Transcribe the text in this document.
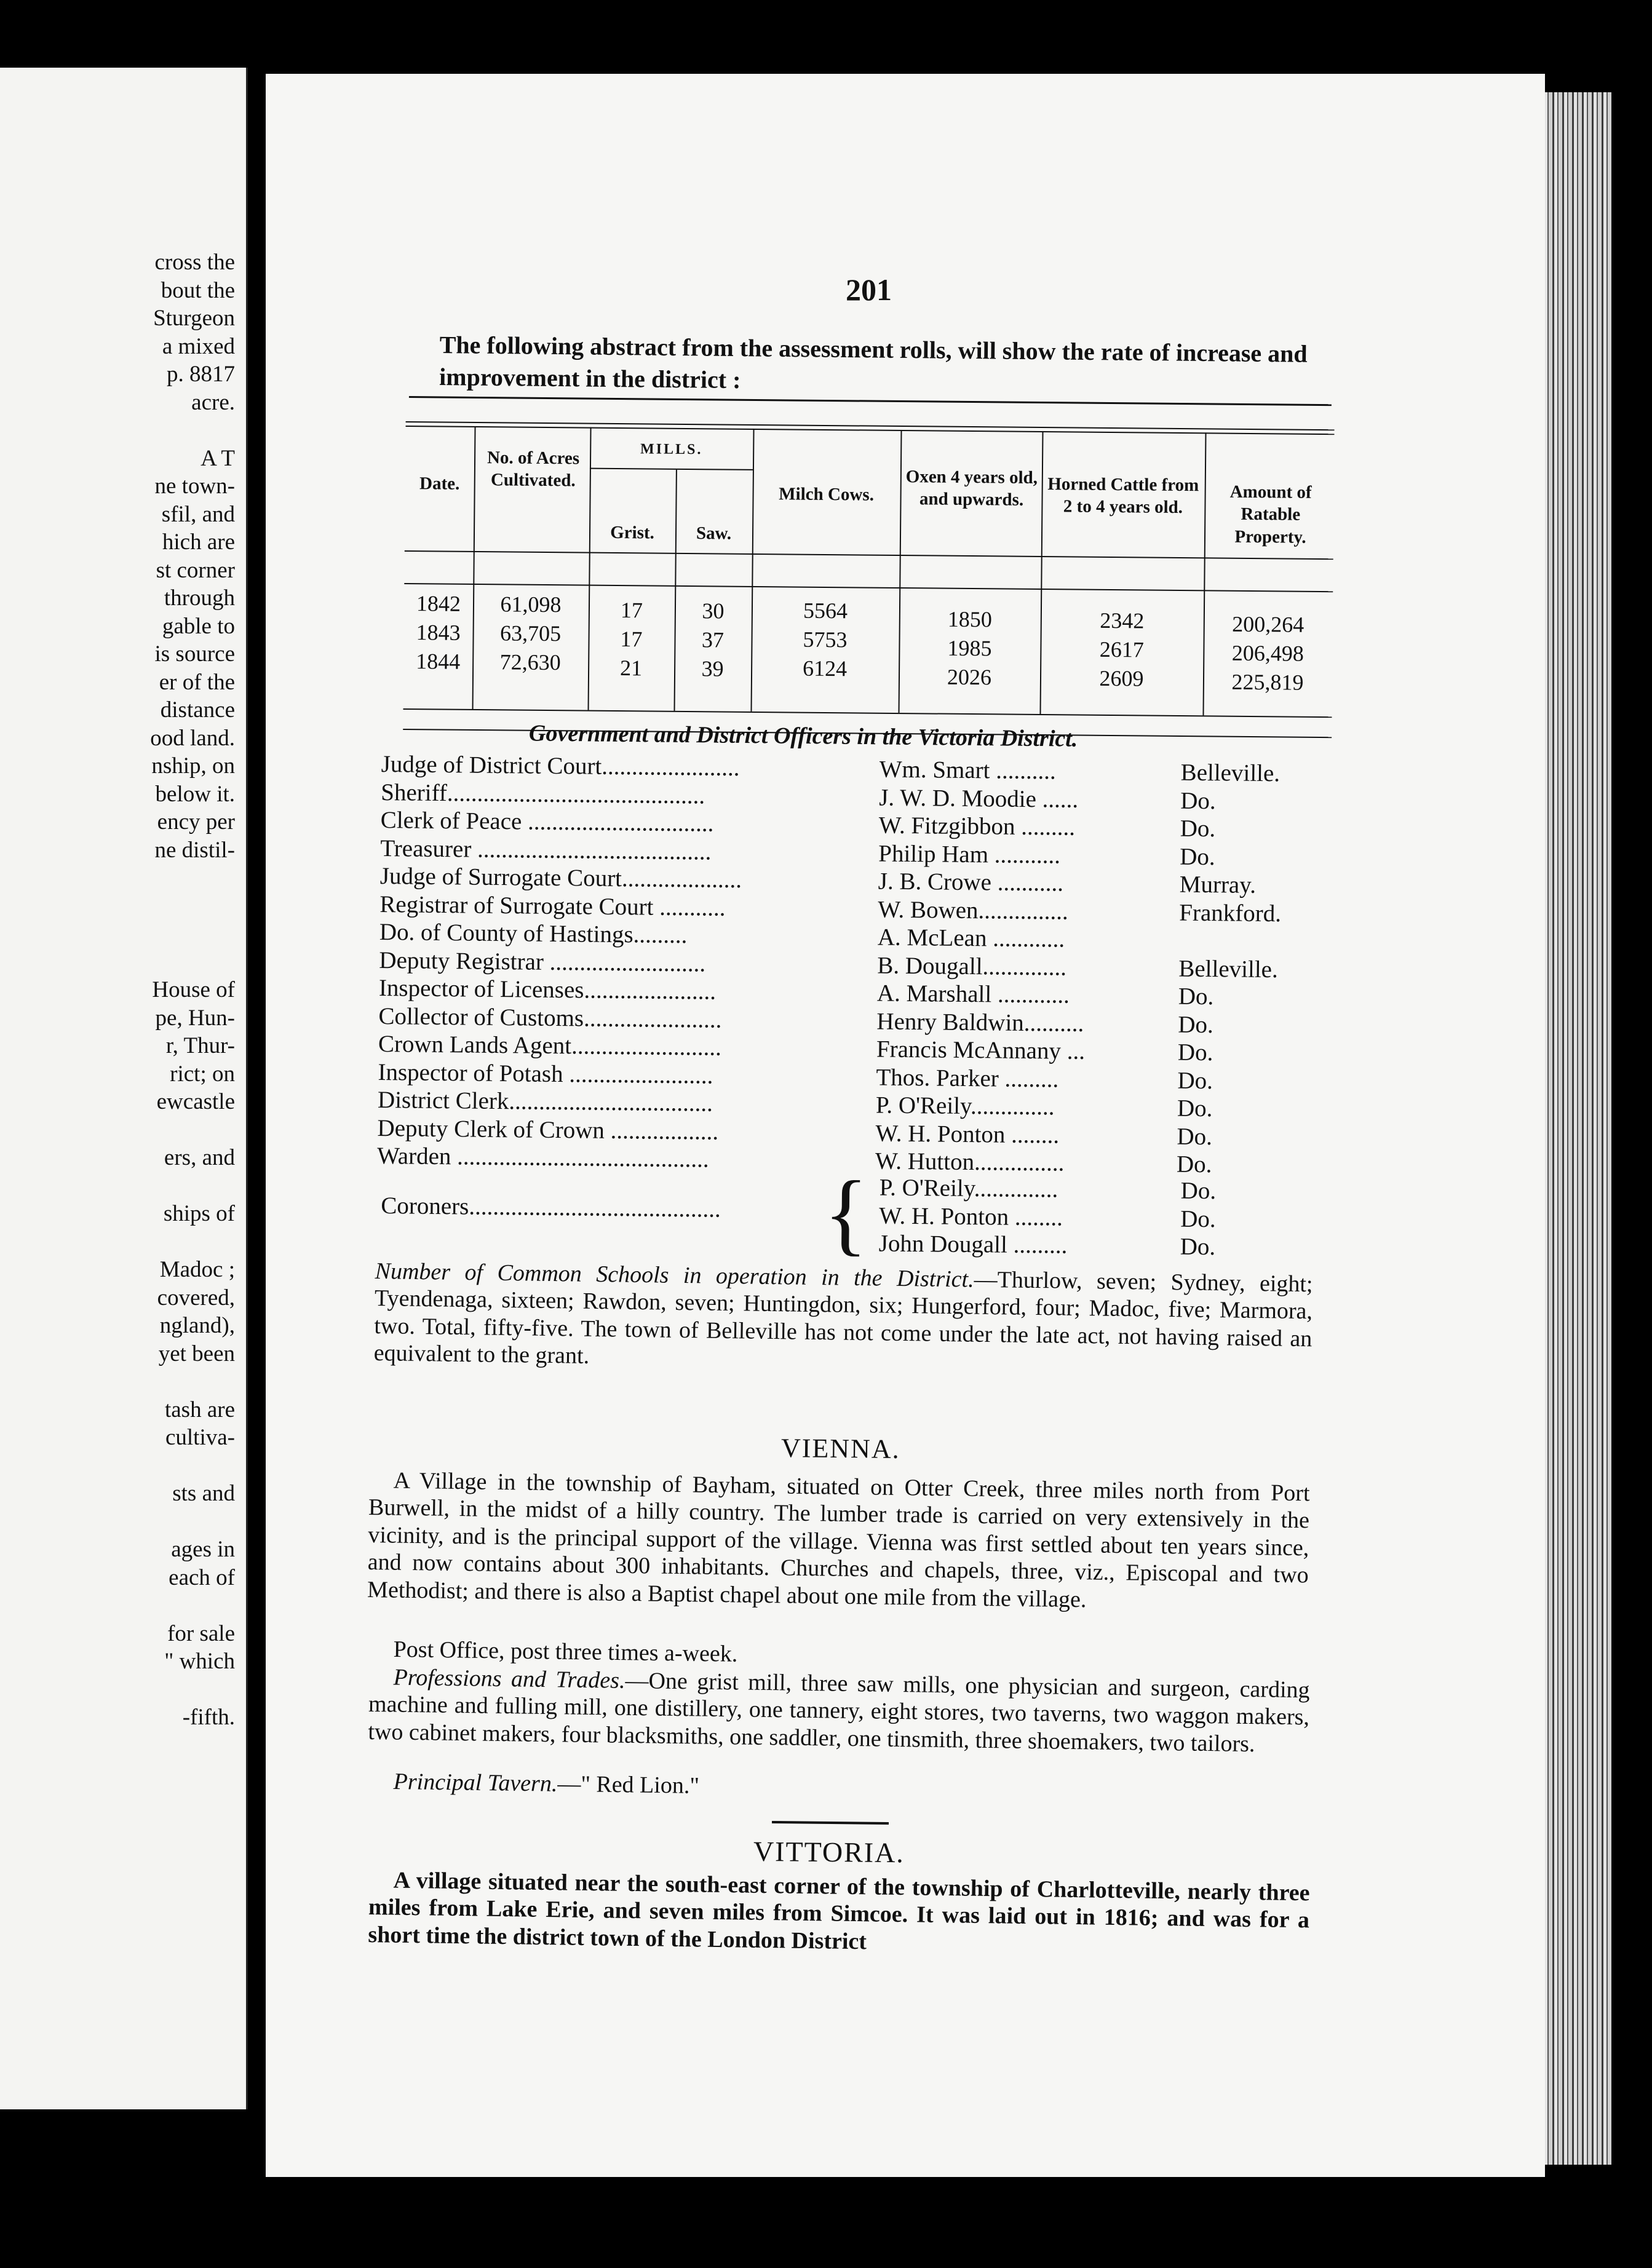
cross the
bout the
Sturgeon
a mixed
p. 8817
acre.
A T
ne town-
sfil, and
hich are
st corner
through
gable to
is source
er of the
distance
ood land.
nship, on
below it.
ency per
ne distil-
House of
pe, Hun-
r, Thur-
rict; on
ewcastle
ers, and
ships of
Madoc ;
covered,
ngland),
yet been
tash are
cultiva-
sts and
ages in
each of
for sale
" which
-fifth.
201
The following abstract from the assessment rolls, will show the rate of increase and improvement in the district :
Date.
No. of Acres Cultivated.
MILLS.
Grist.	Saw.
Milch Cows.
Oxen 4 years old, and upwards.
Horned Cattle from 2 to 4 years old.
Amount of Ratable Property.
1842	61,098	17	30	5564	1850	2342	200,264
1843	63,705	17	37	5753	1985	2617	206,498
1844	72,630	21	39	6124	2026	2609	225,819
Government and District Officers in the Victoria District.
Judge of District Court.......................	Wm. Smart ..........	Belleville.
Sheriff...........................................	J. W. D. Moodie ......	Do.
Clerk of Peace ...............................	W. Fitzgibbon .........	Do.
Treasurer .......................................	Philip Ham ...........	Do.
Judge of Surrogate Court....................	J. B. Crowe ...........	Murray.
Registrar of Surrogate Court ...........	W. Bowen...............	Frankford.
Do. of County of Hastings.........	A. McLean ............
Deputy Registrar ..........................	B. Dougall..............	Belleville.
Inspector of Licenses......................	A. Marshall ............	Do.
Collector of Customs.......................	Henry Baldwin..........	Do.
Crown Lands Agent.........................	Francis McAnnany ...	Do.
Inspector of Potash ........................	Thos. Parker .........	Do.
District Clerk..................................	P. O'Reily..............	Do.
Deputy Clerk of Crown ..................	W. H. Ponton ........	Do.
Warden ..........................................	W. Hutton...............	Do.
Coroners.......................................... { P. O'Reily..............	Do.
W. H. Ponton ........	Do.
John Dougall .........	Do.
Number of Common Schools in operation in the District.—Thurlow, seven; Sydney, eight; Tyendenaga, sixteen; Rawdon, seven; Huntingdon, six; Hungerford, four; Madoc, five; Marmora, two. Total, fifty-five. The town of Belleville has not come under the late act, not having raised an equivalent to the grant.
VIENNA.
A Village in the township of Bayham, situated on Otter Creek, three miles north from Port Burwell, in the midst of a hilly country. The lumber trade is carried on very extensively in the vicinity, and is the principal support of the village. Vienna was first settled about ten years since, and now contains about 300 inhabitants. Churches and chapels, three, viz., Episcopal and two Methodist; and there is also a Baptist chapel about one mile from the village.
Post Office, post three times a-week.
Professions and Trades.—One grist mill, three saw mills, one physician and surgeon, carding machine and fulling mill, one distillery, one tannery, eight stores, two taverns, two waggon makers, two cabinet makers, four blacksmiths, one saddler, one tinsmith, three shoemakers, two tailors.
Principal Tavern.—" Red Lion."
VITTORIA.
A village situated near the south-east corner of the township of Charlotteville, nearly three miles from Lake Erie, and seven miles from Simcoe. It was laid out in 1816; and was for a short time the district town of the London District
